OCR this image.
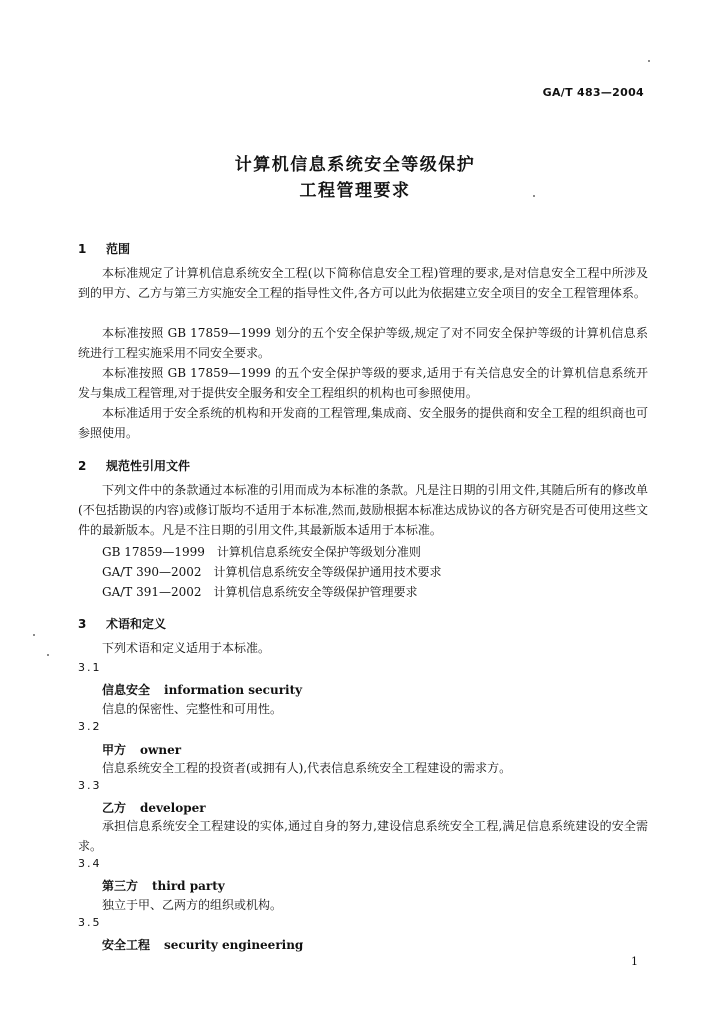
GA/T 483—2004
计算机信息系统安全等级保护
工程管理要求
1 范围
本标准规定了计算机信息系统安全工程(以下简称信息安全工程)管理的要求,是对信息安全工程中所涉及到的甲方、乙方与第三方实施安全工程的指导性文件,各方可以此为依据建立安全项目的安全工程管理体系。
本标准按照 GB 17859—1999 划分的五个安全保护等级,规定了对不同安全保护等级的计算机信息系统进行工程实施采用不同安全要求。
本标准按照 GB 17859—1999 的五个安全保护等级的要求,适用于有关信息安全的计算机信息系统开发与集成工程管理,对于提供安全服务和安全工程组织的机构也可参照使用。
本标准适用于安全系统的机构和开发商的工程管理,集成商、安全服务的提供商和安全工程的组织商也可参照使用。
2 规范性引用文件
下列文件中的条款通过本标准的引用而成为本标准的条款。凡是注日期的引用文件,其随后所有的修改单(不包括勘误的内容)或修订版均不适用于本标准,然而,鼓励根据本标准达成协议的各方研究是否可使用这些文件的最新版本。凡是不注日期的引用文件,其最新版本适用于本标准。
GB 17859—1999　计算机信息系统安全保护等级划分准则
GA/T 390—2002　计算机信息系统安全等级保护通用技术要求
GA/T 391—2002　计算机信息系统安全等级保护管理要求
3 术语和定义
下列术语和定义适用于本标准。
3.1
信息安全 information security
信息的保密性、完整性和可用性。
3.2
甲方 owner
信息系统安全工程的投资者(或拥有人),代表信息系统安全工程建设的需求方。
3.3
乙方 developer
承担信息系统安全工程建设的实体,通过自身的努力,建设信息系统安全工程,满足信息系统建设的安全需求。
3.4
第三方 third party
独立于甲、乙两方的组织或机构。
3.5
安全工程 security engineering
1
